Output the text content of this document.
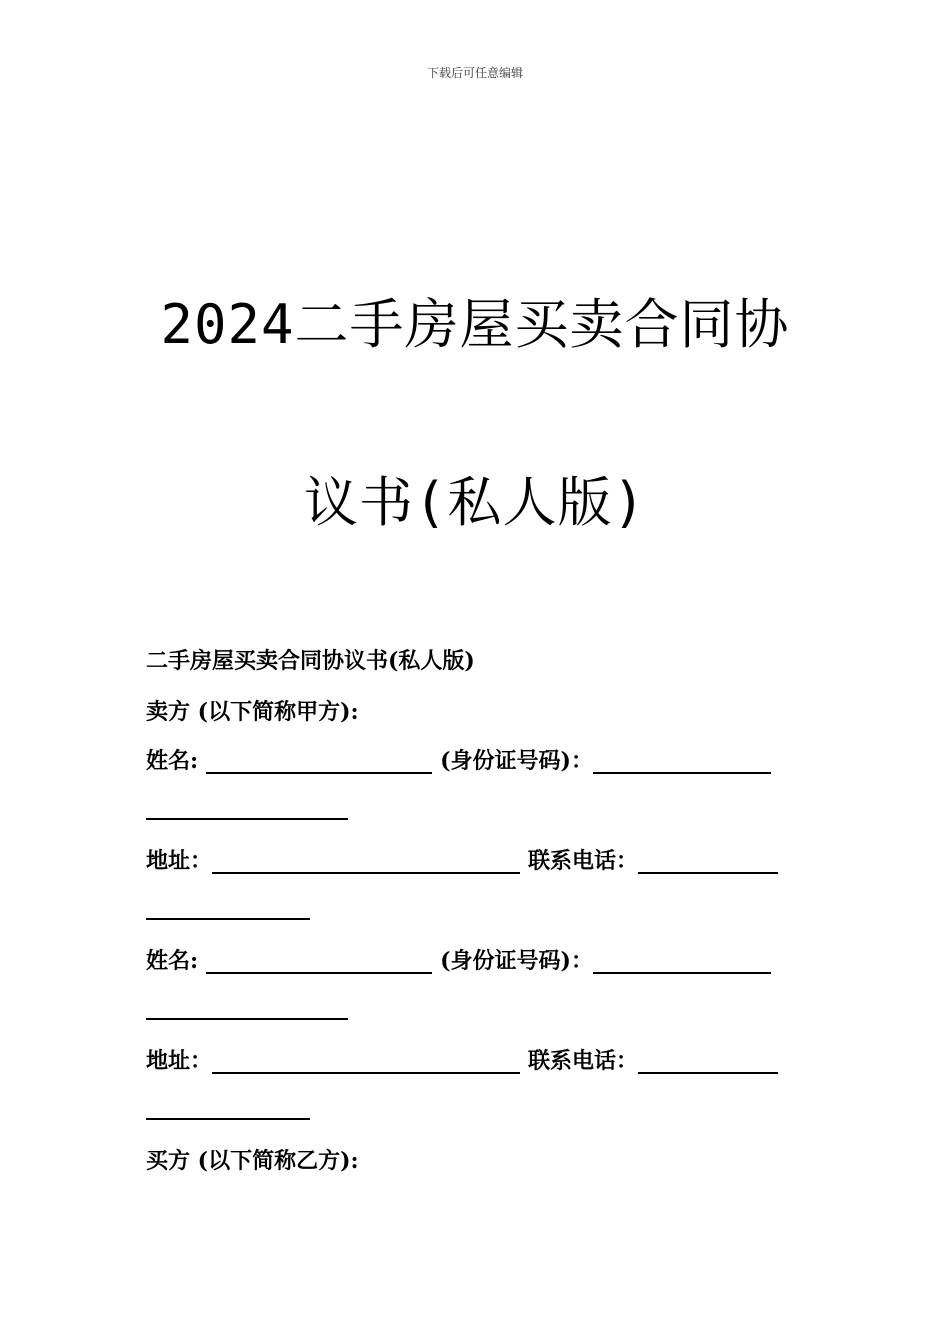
下载后可任意编辑
2024二手房屋买卖合同协
议书(私人版)
二手房屋买卖合同协议书(私人版)
卖方 (以下简称甲方):
姓名:	(身份证号码)：
地址：	联系电话：
姓名:	(身份证号码)：
地址：	联系电话：
买方 (以下简称乙方):
